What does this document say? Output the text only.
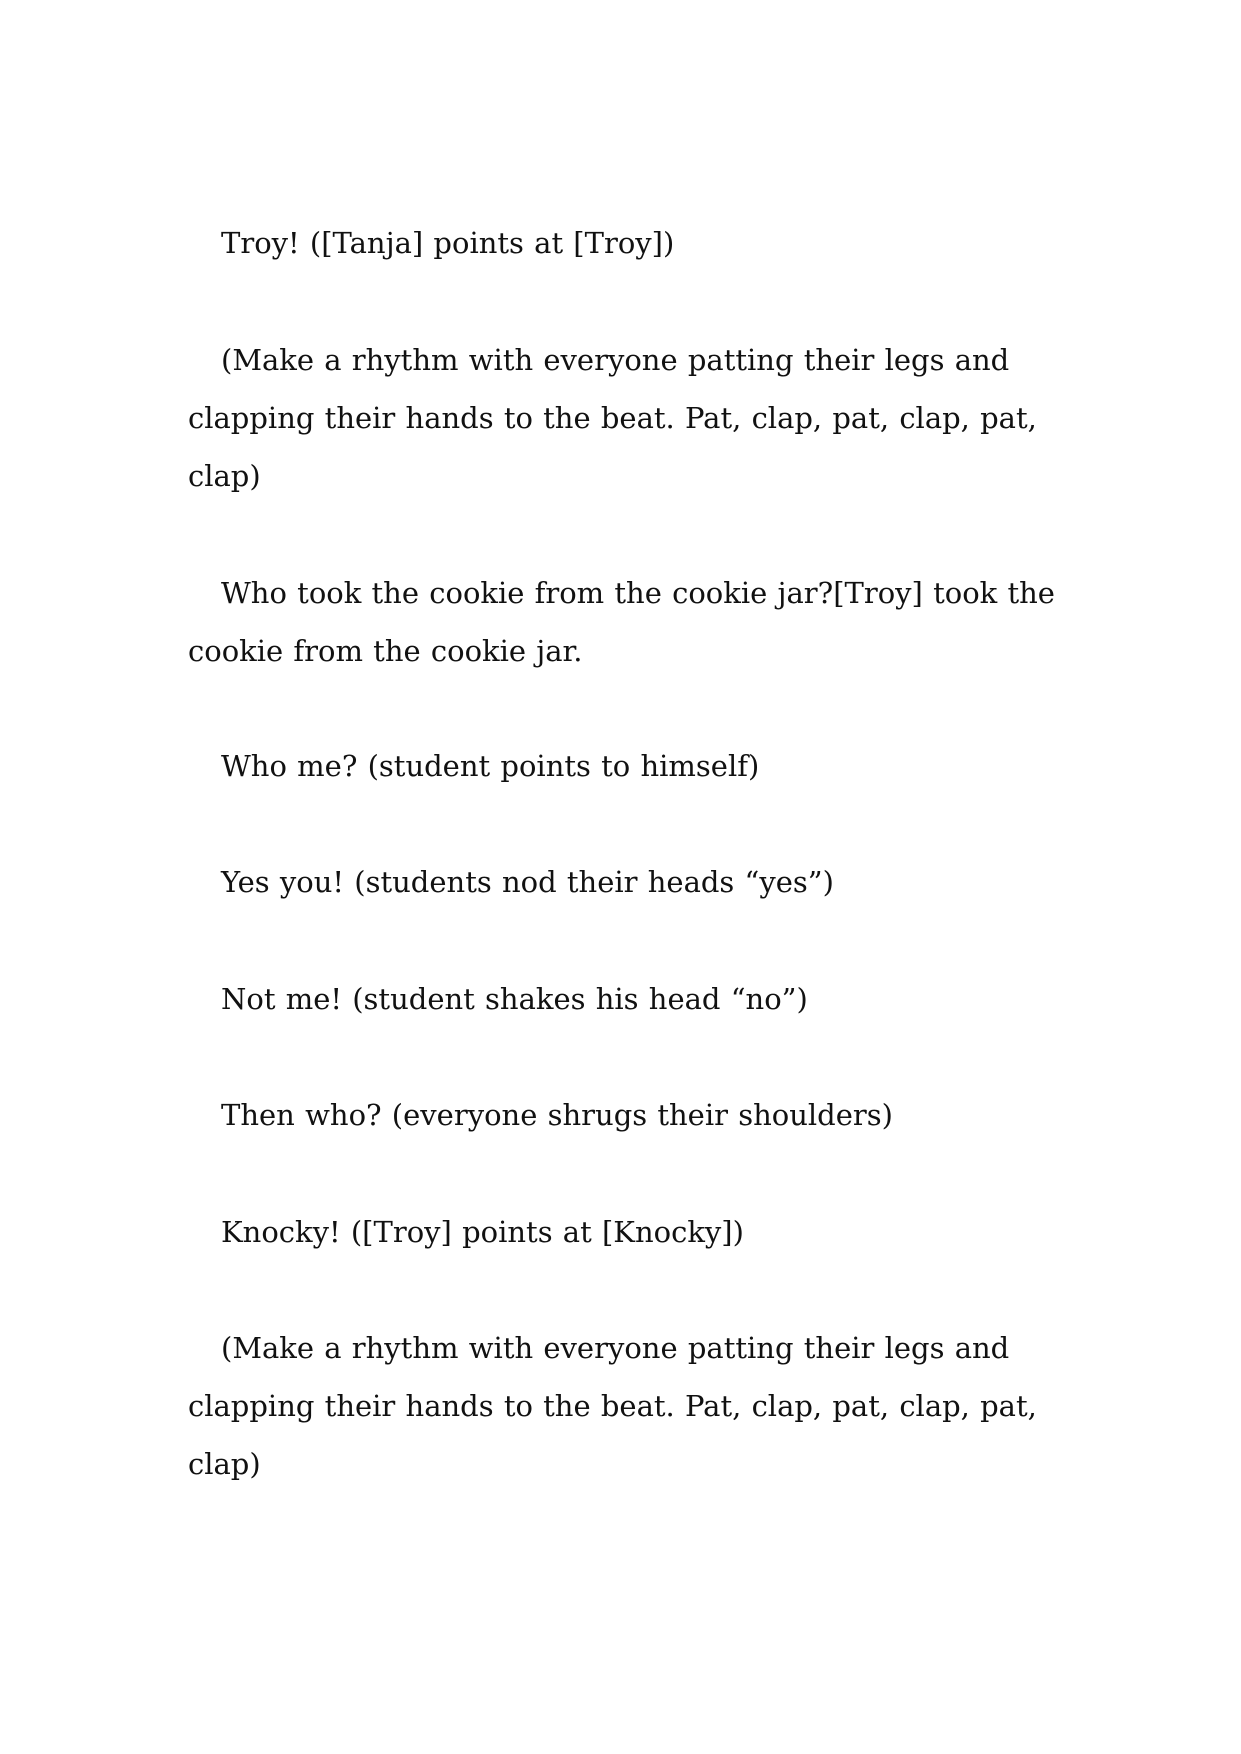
Troy! ([Tanja] points at [Troy])

(Make a rhythm with everyone patting their legs and clapping their hands to the beat. Pat, clap, pat, clap, pat,  clap)

Who took the cookie from the cookie jar?[Troy] took the cookie from the cookie jar.

Who me? (student points to himself)

Yes you! (students nod their heads “yes”)

Not me! (student shakes his head “no”)

Then who? (everyone shrugs their shoulders)

Knocky! ([Troy] points at [Knocky])

(Make a rhythm with everyone patting their legs and clapping their hands to the beat. Pat, clap, pat, clap, pat,  clap)
